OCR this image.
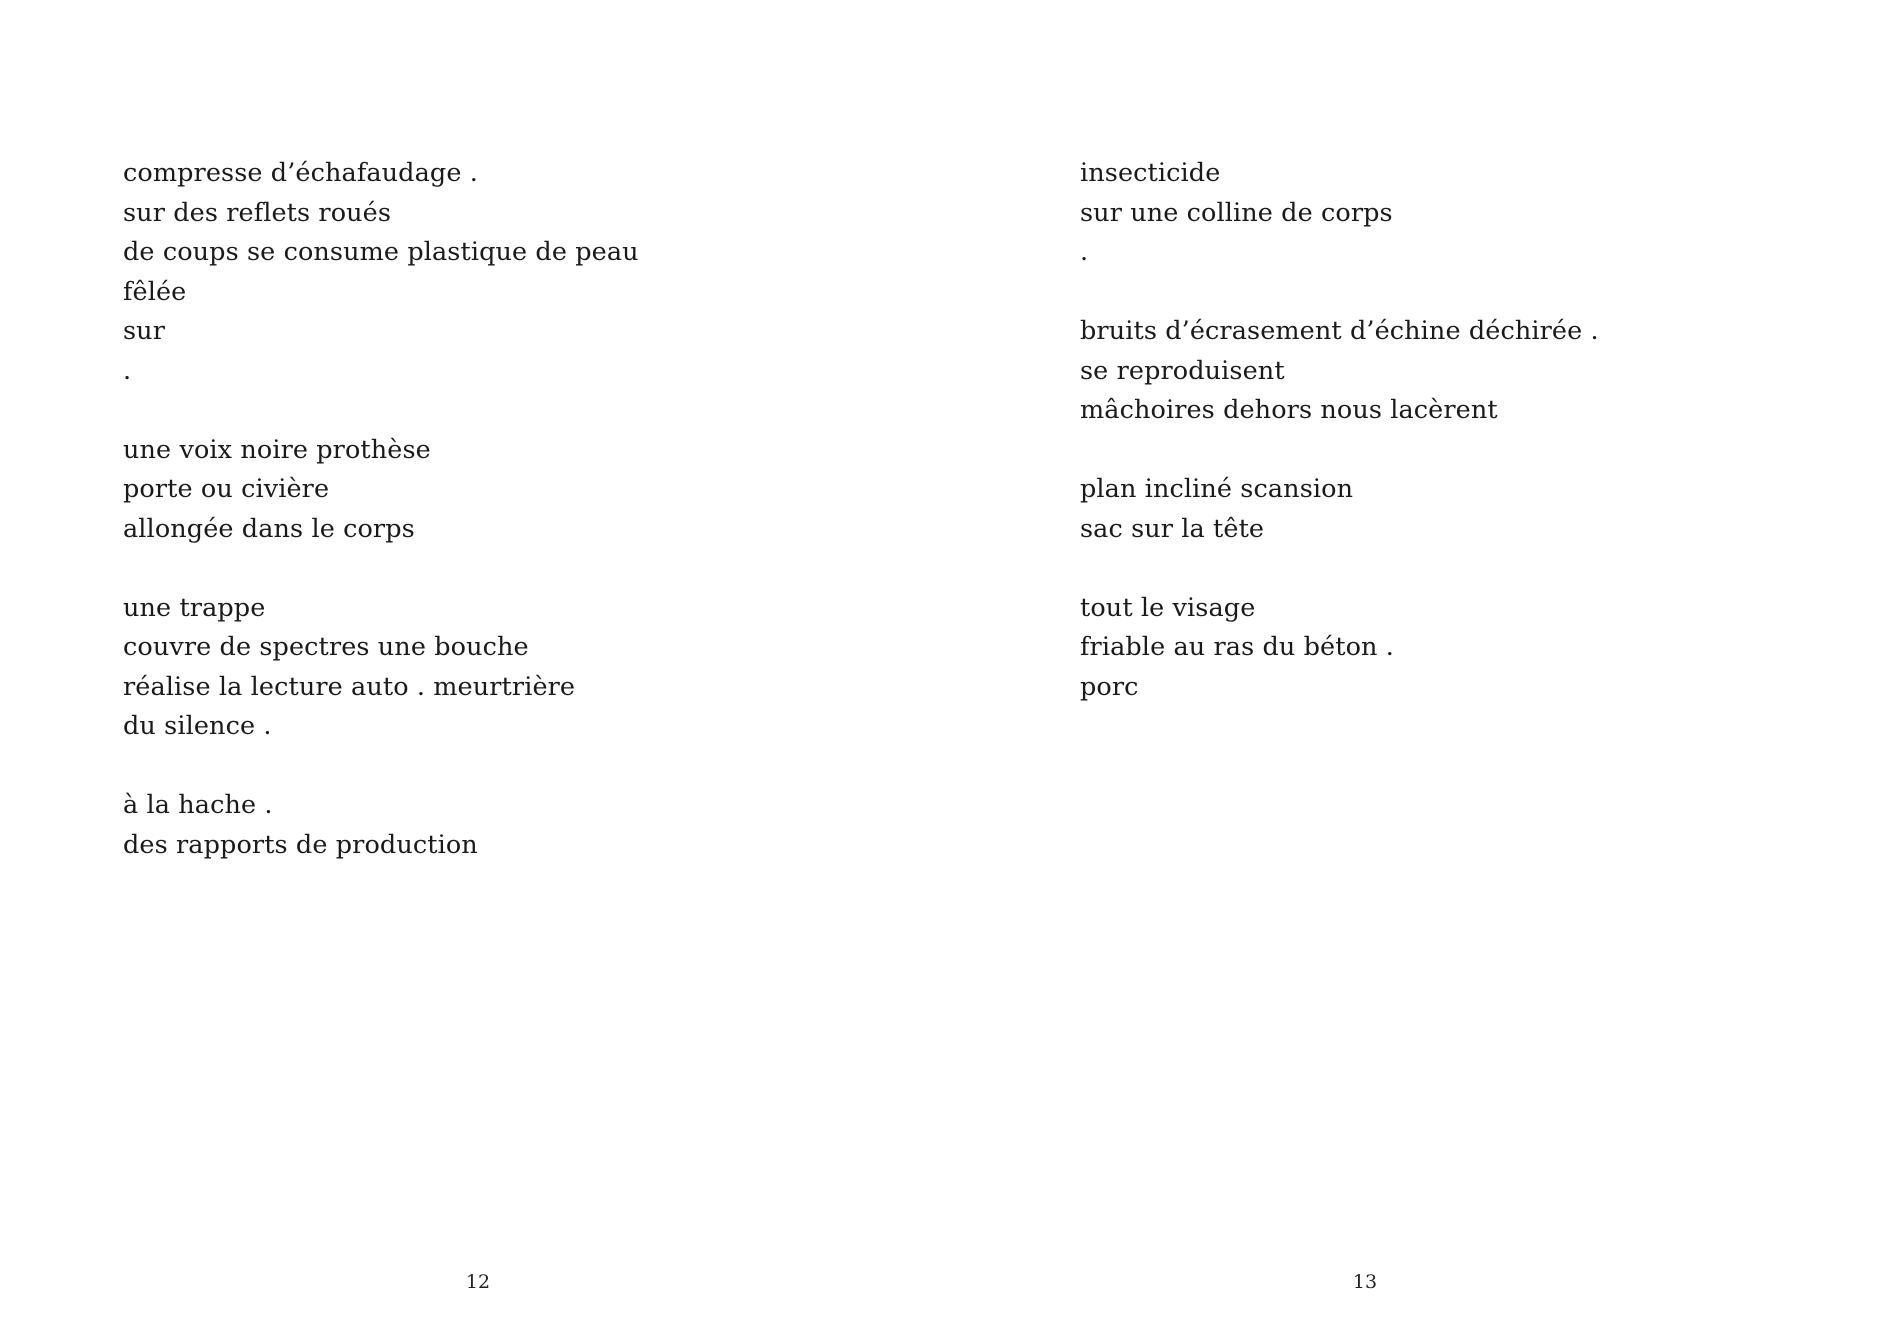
compresse d’échafaudage .
sur des reflets roués
de coups se consume plastique de peau
fêlée
sur
.
une voix noire prothèse
porte ou civière
allongée dans le corps
une trappe
couvre de spectres une bouche
réalise la lecture auto . meurtrière
du silence .
à la hache .
des rapports de production
12
insecticide
sur une colline de corps
.
bruits d’écrasement d’échine déchirée .
se reproduisent
mâchoires dehors nous lacèrent
plan incliné scansion
sac sur la tête
tout le visage
friable au ras du béton .
porc
13
